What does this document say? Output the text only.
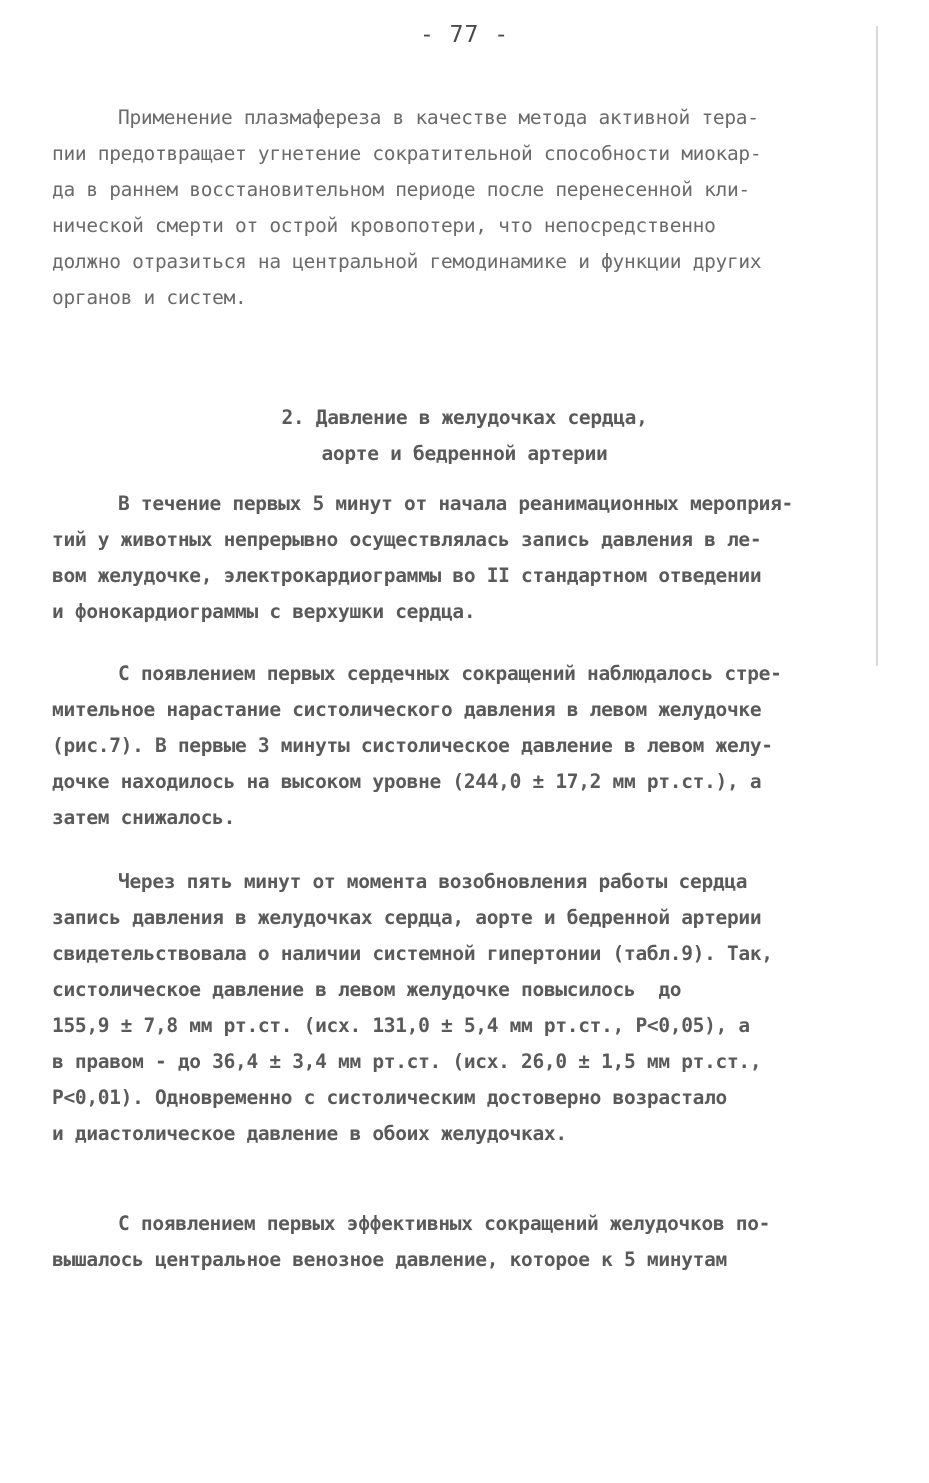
- 77 -
Применение плазмафереза в качестве метода активной тера-
пии предотвращает угнетение сократительной способности миокар-
да в раннем восстановительном периоде после перенесенной кли-
нической смерти от острой кровопотери, что непосредственно
должно отразиться на центральной гемодинамике и функции других
органов и систем.
2. Давление в желудочках сердца,
аорте и бедренной артерии
В течение первых 5 минут от начала реанимационных мероприя-
тий у животных непрерывно осуществлялась запись давления в ле-
вом желудочке, электрокардиограммы во II стандартном отведении
и фонокардиограммы с верхушки сердца.
С появлением первых сердечных сокращений наблюдалось стре-
мительное нарастание систолического давления в левом желудочке
(рис.7). В первые 3 минуты систолическое давление в левом желу-
дочке находилось на высоком уровне (244,0 ± 17,2 мм рт.ст.), а
затем снижалось.
Через пять минут от момента возобновления работы сердца
запись давления в желудочках сердца, аорте и бедренной артерии
свидетельствовала о наличии системной гипертонии (табл.9). Так,
систолическое давление в левом желудочке повысилось  до
155,9 ± 7,8 мм рт.ст. (исх. 131,0 ± 5,4 мм рт.ст., P<0,05), а
в правом - до 36,4 ± 3,4 мм рт.ст. (исх. 26,0 ± 1,5 мм рт.ст.,
P<0,01). Одновременно с систолическим достоверно возрастало
и диастолическое давление в обоих желудочках.
С появлением первых эффективных сокращений желудочков по-
вышалось центральное венозное давление, которое к 5 минутам
